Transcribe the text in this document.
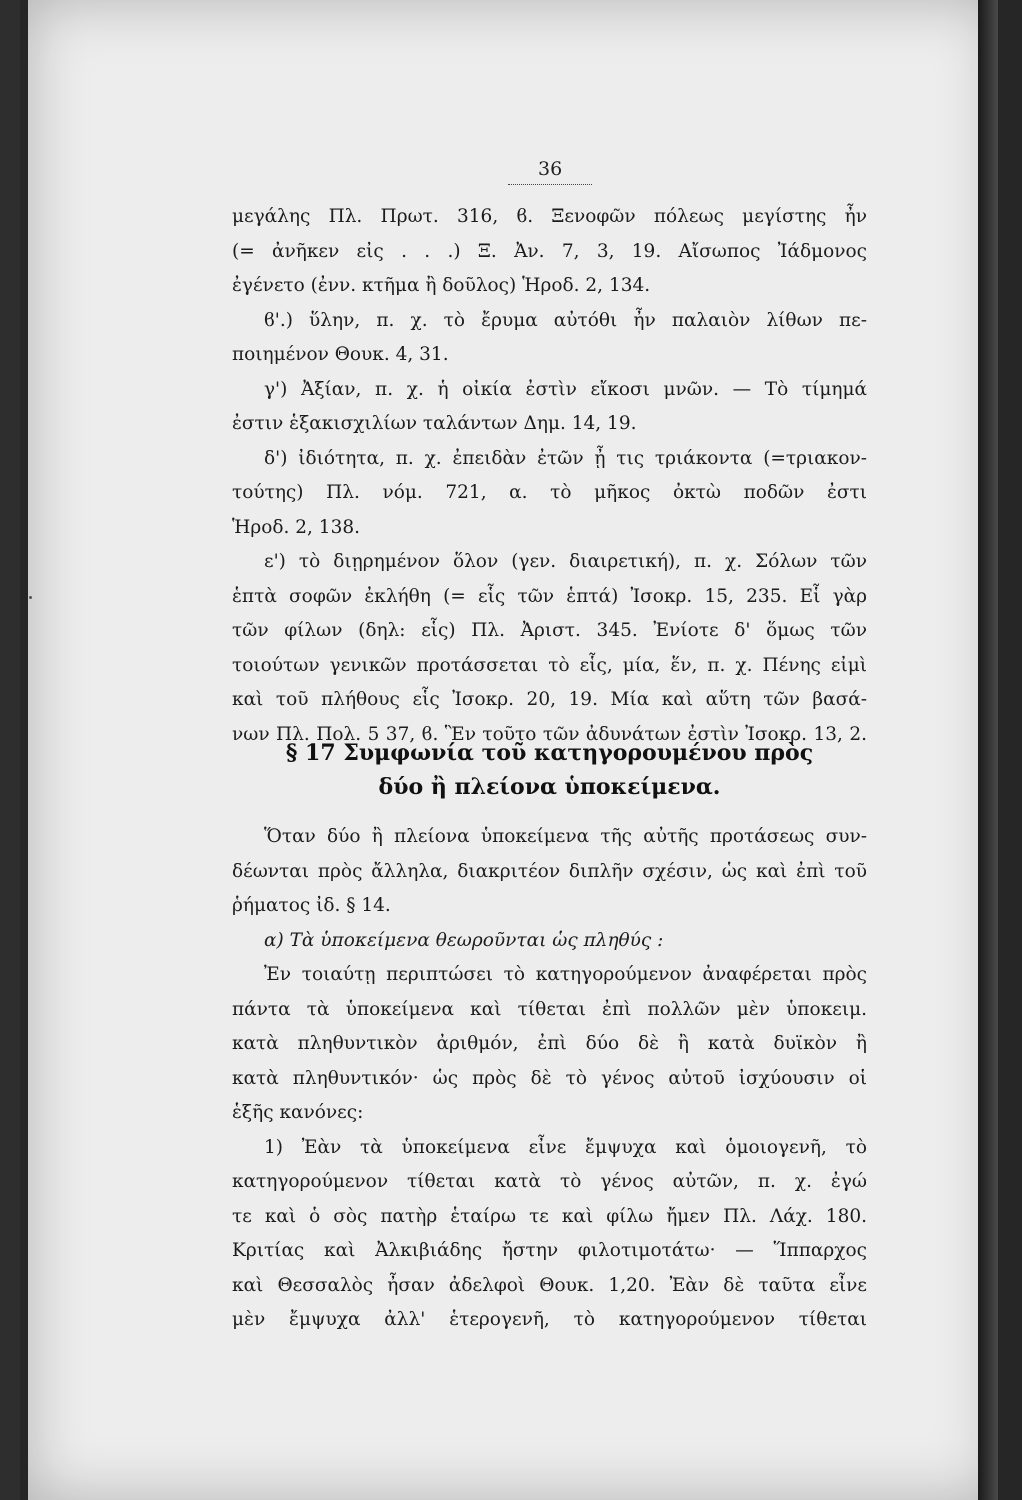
36
μεγάλης Πλ. Πρωτ. 316, ϐ. Ξενοφῶν πόλεως μεγίστης ἦν
(= ἀνῆκεν εἰς . . .) Ξ. Ἀν. 7, 3, 19. Αἴσωπος Ἰάδμονος
ἐγένετο (ἐνν. κτῆμα ἢ δοῦλος) Ἡροδ. 2, 134.
ϐ'.) ὕλην, π. χ. τὸ ἔρυμα αὐτόθι ἦν παλαιὸν λίθων πε-
ποιημένον Θουκ. 4, 31.
γ') Ἀξίαν, π. χ. ἡ οἰκία ἐστὶν εἴκοσι μνῶν. — Τὸ τίμημά
ἐστιν ἑξακισχιλίων ταλάντων Δημ. 14, 19.
δ') ἰδιότητα, π. χ. ἐπειδὰν ἐτῶν ᾖ τις τριάκοντα (=τριακον-
τούτης) Πλ. νόμ. 721, α. τὸ μῆκος ὀκτὼ ποδῶν ἐστι
Ἡροδ. 2, 138.
ε') τὸ διῃρημένον ὅλον (γεν. διαιρετική), π. χ. Σόλων τῶν
ἑπτὰ σοφῶν ἐκλήθη (= εἷς τῶν ἑπτά) Ἰσοκρ. 15, 235. Εἷ γὰρ
τῶν φίλων (δηλ: εἷς) Πλ. Ἀριστ. 345. Ἐνίοτε δ' ὅμως τῶν
τοιούτων γενικῶν προτάσσεται τὸ εἷς, μία, ἕν, π. χ. Πένης εἰμὶ
καὶ τοῦ πλήθους εἷς Ἰσοκρ. 20, 19. Μία καὶ αὕτη τῶν βασά-
νων Πλ. Πολ. 5 37, ϐ. Ἓν τοῦτο τῶν ἀδυνάτων ἐστὶν Ἰσοκρ. 13, 2.
§ 17 Συμφωνία τοῦ κατηγορουμένου πρὸς
δύο ἢ πλείονα ὑποκείμενα.
Ὅταν δύο ἢ πλείονα ὑποκείμενα τῆς αὐτῆς προτάσεως συν-
δέωνται πρὸς ἄλληλα, διακριτέον διπλῆν σχέσιν, ὡς καὶ ἐπὶ τοῦ
ῥήματος ἰδ. § 14.
α) Τὰ ὑποκείμενα θεωροῦνται ὡς πληθύς :
Ἐν τοιαύτῃ περιπτώσει τὸ κατηγορούμενον ἀναφέρεται πρὸς
πάντα τὰ ὑποκείμενα καὶ τίθεται ἐπὶ πολλῶν μὲν ὑποκειμ.
κατὰ πληθυντικὸν ἀριθμόν, ἐπὶ δύο δὲ ἢ κατὰ δυϊκὸν ἢ
κατὰ πληθυντικόν· ὡς πρὸς δὲ τὸ γένος αὐτοῦ ἰσχύουσιν οἱ
ἑξῆς κανόνες:
1) Ἐὰν τὰ ὑποκείμενα εἶνε ἔμψυχα καὶ ὁμοιογενῆ, τὸ
κατηγορούμενον τίθεται κατὰ τὸ γένος αὐτῶν, π. χ. ἐγώ
τε καὶ ὁ σὸς πατὴρ ἑταίρω τε καὶ φίλω ἤμεν Πλ. Λάχ. 180.
Κριτίας καὶ Ἀλκιβιάδης ἤστην φιλοτιμοτάτω· — Ἵππαρχος
καὶ Θεσσαλὸς ἦσαν ἀδελφοὶ Θουκ. 1,20. Ἐὰν δὲ ταῦτα εἶνε
μὲν ἔμψυχα ἀλλ' ἑτερογενῆ, τὸ κατηγορούμενον τίθεται
